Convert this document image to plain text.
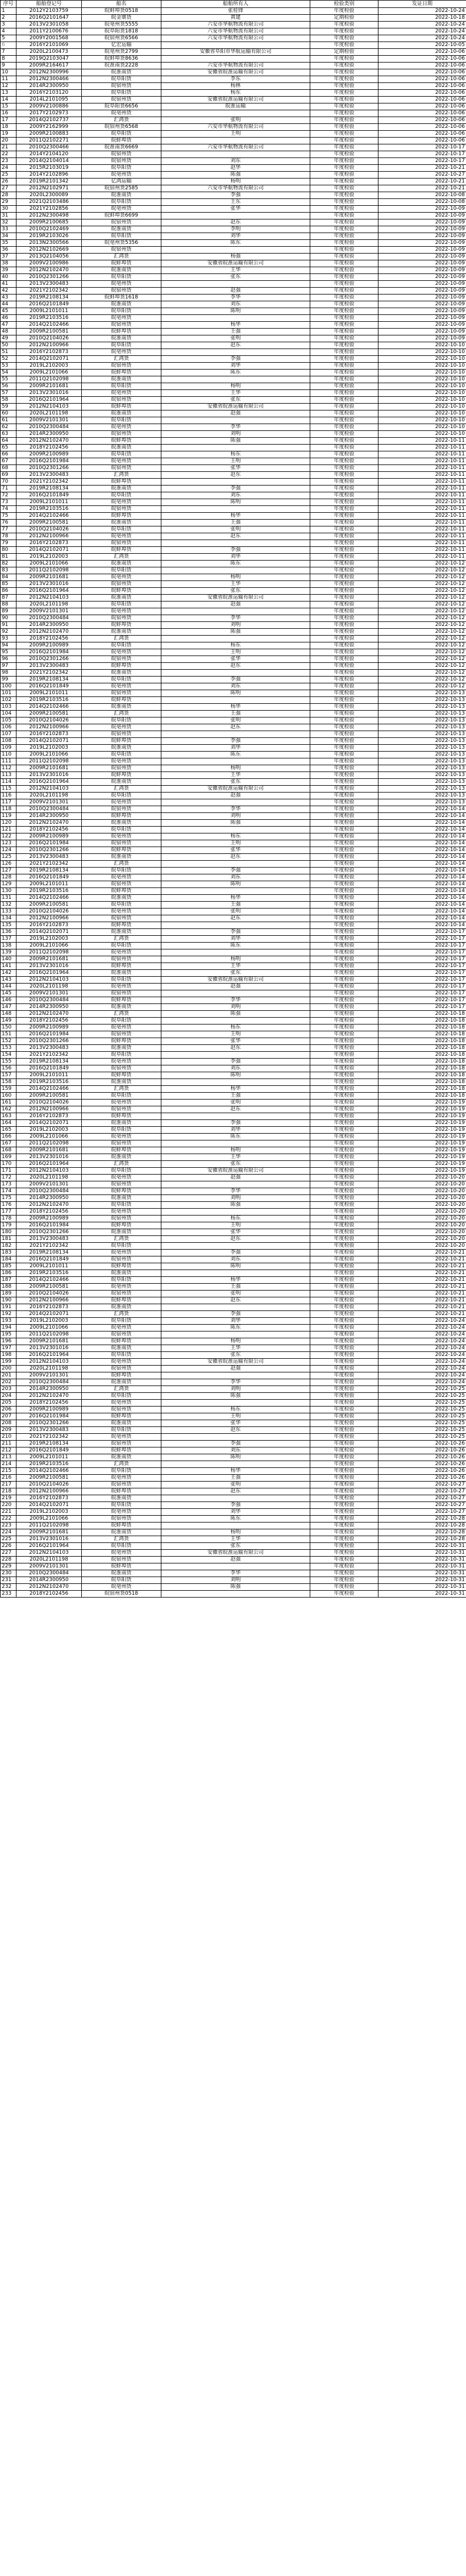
序号	船舶登记号	船名	船舶所有人	检验类别	发证日期
1	2012Y2103759	皖蚌埠货0518	张桂锋	年度检验	2022-10-24
2	2016Q2101647	皖金寨货	黄建	定期检验	2022-10-18
3	2013V2301058	皖亳州货5555	六安市华航物流有限公司	年度检验	2022-10-24
4	2011Y2100676	皖阜阳货1818	六安市华航物流有限公司	年度检验	2022-10-24
5	2009Y2001568	皖宿州货6566	六安市华航物流有限公司	年度检验	2022-10-24
6	2016Y2101069	亿宏运输		年度检验	2022-10-05
7	2020L2100473	皖亳州货2799	安徽省阜阳市华航运输有限公司	定期检验	2022-10-06
8	2019Q2103047	皖蚌埠货8636		年度检验	2022-10-06
9	2009R2164617	皖淮南货2228	六安市华航物流有限公司	年度检验	2022-10-06
10	2012N2300996	皖淮南货	安徽省皖淮运输有限公司	年度检验	2022-10-06
11	2012N2300466	皖阜阳货	李东	年度检验	2022-10-06
12	2014R2300950	皖宿州货	杨林	年度检验	2022-10-06
13	2016Y2103120	皖阜阳货	杨东	年度检验	2022-10-06
14	2014L2101095	皖宿州货	安徽省皖淮运输有限公司	年度检验	2022-10-06
15	2009V2100886	皖阜阳货6656	皖淮运输	年度检验	2022-10-06
16	2017Y2102973	皖亳州货		年度检验	2022-10-06
17	2014Q2102737	汇鸿货	张明	年度检验	2022-10-06
18	2009Y2162999	皖宿州货6568	六安市华航物流有限公司	年度检验	2022-10-06
19	2009R2100883	皖阜阳货	王明	年度检验	2022-10-06
20	2011Q2102271	皖蚌埠货		年度检验	2022-10-06
21	2010Q2300466	皖淮南货6669	六安市华航物流有限公司	年度检验	2022-10-17
22	2014Y2104120	皖宿州货		年度检验	2022-10-17
23	2014Q2104014	皖宿州货	刘东	年度检验	2022-10-17
24	2015R2103019	皖阜阳货	赵华	年度检验	2022-10-21
25	2014Y2102896	皖亳州货	陈强	年度检验	2022-10-27
26	2019R2101342	亿鸿运输	杨明	年度检验	2022-10-21
27	2012N2102971	皖宿州货2585	六安市华航物流有限公司	年度检验	2022-10-21
28	2020L2300089	皖淮南货	李强	年度检验	2022-10-08
29	2021Q2103486	皖阜阳货	王东	年度检验	2022-10-08
30	2021Y2102856	皖亳州货	张华	年度检验	2022-10-09
31	2012N2300498	皖蚌埠货6699		年度检验	2022-10-09
32	2009R2100685	皖宿州货	赵东	年度检验	2022-10-09
33	2010Q2102469	皖淮南货	李明	年度检验	2022-10-09
34	2019R2103026	皖阜阳货	刘华	年度检验	2022-10-09
35	2013N2300566	皖亳州货5356	陈东	年度检验	2022-10-09
36	2012N2102669	皖宿州货		年度检验	2022-10-09
37	2013Q2104056	汇鸿货	杨强	年度检验	2022-10-09
38	2009V2100986	皖蚌埠货	安徽省皖淮运输有限公司	年度检验	2022-10-09
39	2012N2102470	皖淮南货	王华	年度检验	2022-10-09
40	2010Q2301266	皖阜阳货	张东	年度检验	2022-10-09
41	2013V2300483	皖亳州货		年度检验	2022-10-09
42	2021Y2102342	皖宿州货	赵强	年度检验	2022-10-09
43	2019R2108134	皖蚌埠货1618	李华	年度检验	2022-10-09
44	2016Q2101849	皖淮南货	刘东	年度检验	2022-10-09
45	2009L2101011	皖阜阳货	陈明	年度检验	2022-10-09
46	2019R2103516	皖亳州货		年度检验	2022-10-09
47	2014Q2102466	皖宿州货	杨华	年度检验	2022-10-09
48	2009R2100581	皖蚌埠货	王强	年度检验	2022-10-09
49	2010Q2104026	皖淮南货	张明	年度检验	2022-10-09
50	2012N2100966	皖阜阳货	赵东	年度检验	2022-10-10
51	2016Y2102873	皖亳州货		年度检验	2022-10-10
52	2014Q2102071	汇鸿货	李强	年度检验	2022-10-10
53	2019L2102003	皖宿州货	刘华	年度检验	2022-10-10
54	2009L2101066	皖蚌埠货	陈东	年度检验	2022-10-10
55	2011Q2102098	皖淮南货		年度检验	2022-10-10
56	2009R2101681	皖阜阳货	杨明	年度检验	2022-10-10
57	2013V2301016	皖亳州货	王华	年度检验	2022-10-10
58	2016Q2101964	皖宿州货	张东	年度检验	2022-10-10
59	2012N2104103	皖蚌埠货	安徽省皖淮运输有限公司	年度检验	2022-10-10
60	2020L2101198	皖淮南货	赵强	年度检验	2022-10-10
61	2009V2101301	皖阜阳货		年度检验	2022-10-10
62	2010Q2300484	皖亳州货	李华	年度检验	2022-10-10
63	2014R2300950	皖宿州货	刘明	年度检验	2022-10-10
64	2012N2102470	皖蚌埠货	陈强	年度检验	2022-10-11
65	2018Y2102456	皖淮南货		年度检验	2022-10-11
66	2009R2100989	皖阜阳货	杨东	年度检验	2022-10-11
67	2016Q2101984	皖亳州货	王明	年度检验	2022-10-11
68	2010Q2301266	皖宿州货	张华	年度检验	2022-10-11
69	2013V2300483	汇鸿货	赵东	年度检验	2022-10-11
70	2021Y2102342	皖蚌埠货		年度检验	2022-10-11
71	2019R2108134	皖淮南货	李强	年度检验	2022-10-11
72	2016Q2101849	皖阜阳货	刘东	年度检验	2022-10-11
73	2009L2101011	皖亳州货	陈明	年度检验	2022-10-11
74	2019R2103516	皖宿州货		年度检验	2022-10-11
75	2014Q2102466	皖蚌埠货	杨华	年度检验	2022-10-11
76	2009R2100581	皖淮南货	王强	年度检验	2022-10-11
77	2010Q2104026	皖阜阳货	张明	年度检验	2022-10-11
78	2012N2100966	皖亳州货	赵东	年度检验	2022-10-11
79	2016Y2102873	皖宿州货		年度检验	2022-10-11
80	2014Q2102071	皖蚌埠货	李强	年度检验	2022-10-11
81	2019L2102003	汇鸿货	刘华	年度检验	2022-10-11
82	2009L2101066	皖淮南货	陈东	年度检验	2022-10-12
83	2011Q2102098	皖阜阳货		年度检验	2022-10-12
84	2009R2101681	皖亳州货	杨明	年度检验	2022-10-12
85	2013V2301016	皖宿州货	王华	年度检验	2022-10-12
86	2016Q2101964	皖蚌埠货	张东	年度检验	2022-10-12
87	2012N2104103	皖淮南货	安徽省皖淮运输有限公司	年度检验	2022-10-12
88	2020L2101198	皖阜阳货	赵强	年度检验	2022-10-12
89	2009V2101301	皖亳州货		年度检验	2022-10-12
90	2010Q2300484	皖宿州货	李华	年度检验	2022-10-12
91	2014R2300950	皖蚌埠货	刘明	年度检验	2022-10-12
92	2012N2102470	皖淮南货	陈强	年度检验	2022-10-12
93	2018Y2102456	汇鸿货		年度检验	2022-10-12
94	2009R2100989	皖阜阳货	杨东	年度检验	2022-10-12
95	2016Q2101984	皖亳州货	王明	年度检验	2022-10-12
96	2010Q2301266	皖宿州货	张华	年度检验	2022-10-12
97	2013V2300483	皖蚌埠货	赵东	年度检验	2022-10-12
98	2021Y2102342	皖淮南货		年度检验	2022-10-12
99	2019R2108134	皖阜阳货	李强	年度检验	2022-10-12
100	2016Q2101849	皖亳州货	刘东	年度检验	2022-10-12
101	2009L2101011	皖宿州货	陈明	年度检验	2022-10-13
102	2019R2103516	皖蚌埠货		年度检验	2022-10-13
103	2014Q2102466	皖淮南货	杨华	年度检验	2022-10-13
104	2009R2100581	汇鸿货	王强	年度检验	2022-10-13
105	2010Q2104026	皖阜阳货	张明	年度检验	2022-10-13
106	2012N2100966	皖亳州货	赵东	年度检验	2022-10-13
107	2016Y2102873	皖宿州货		年度检验	2022-10-13
108	2014Q2102071	皖蚌埠货	李强	年度检验	2022-10-13
109	2019L2102003	皖淮南货	刘华	年度检验	2022-10-13
110	2009L2101066	皖阜阳货	陈东	年度检验	2022-10-13
111	2011Q2102098	皖亳州货		年度检验	2022-10-13
112	2009R2101681	皖宿州货	杨明	年度检验	2022-10-13
113	2013V2301016	皖蚌埠货	王华	年度检验	2022-10-13
114	2016Q2101964	皖淮南货	张东	年度检验	2022-10-13
115	2012N2104103	汇鸿货	安徽省皖淮运输有限公司	年度检验	2022-10-13
116	2020L2101198	皖阜阳货	赵强	年度检验	2022-10-13
117	2009V2101301	皖亳州货		年度检验	2022-10-13
118	2010Q2300484	皖宿州货	李华	年度检验	2022-10-14
119	2014R2300950	皖蚌埠货	刘明	年度检验	2022-10-14
120	2012N2102470	皖淮南货	陈强	年度检验	2022-10-14
121	2018Y2102456	皖阜阳货		年度检验	2022-10-14
122	2009R2100989	皖亳州货	杨东	年度检验	2022-10-14
123	2016Q2101984	皖宿州货	王明	年度检验	2022-10-14
124	2010Q2301266	皖蚌埠货	张华	年度检验	2022-10-14
125	2013V2300483	皖淮南货	赵东	年度检验	2022-10-14
126	2021Y2102342	汇鸿货		年度检验	2022-10-14
127	2019R2108134	皖阜阳货	李强	年度检验	2022-10-14
128	2016Q2101849	皖亳州货	刘东	年度检验	2022-10-14
129	2009L2101011	皖宿州货	陈明	年度检验	2022-10-14
130	2019R2103516	皖蚌埠货		年度检验	2022-10-14
131	2014Q2102466	皖淮南货	杨华	年度检验	2022-10-14
132	2009R2100581	皖阜阳货	王强	年度检验	2022-10-14
133	2010Q2104026	皖亳州货	张明	年度检验	2022-10-14
134	2012N2100966	皖宿州货	赵东	年度检验	2022-10-14
135	2016Y2102873	皖蚌埠货		年度检验	2022-10-14
136	2014Q2102071	皖淮南货	李强	年度检验	2022-10-17
137	2019L2102003	汇鸿货	刘华	年度检验	2022-10-17
138	2009L2101066	皖阜阳货	陈东	年度检验	2022-10-17
139	2011Q2102098	皖亳州货		年度检验	2022-10-17
140	2009R2101681	皖宿州货	杨明	年度检验	2022-10-17
141	2013V2301016	皖蚌埠货	王华	年度检验	2022-10-17
142	2016Q2101964	皖淮南货	张东	年度检验	2022-10-17
143	2012N2104103	皖阜阳货	安徽省皖淮运输有限公司	年度检验	2022-10-17
144	2020L2101198	皖亳州货	赵强	年度检验	2022-10-17
145	2009V2101301	皖宿州货		年度检验	2022-10-17
146	2010Q2300484	皖蚌埠货	李华	年度检验	2022-10-17
147	2014R2300950	皖淮南货	刘明	年度检验	2022-10-17
148	2012N2102470	汇鸿货	陈强	年度检验	2022-10-18
149	2018Y2102456	皖阜阳货		年度检验	2022-10-18
150	2009R2100989	皖亳州货	杨东	年度检验	2022-10-18
151	2016Q2101984	皖宿州货	王明	年度检验	2022-10-18
152	2010Q2301266	皖蚌埠货	张华	年度检验	2022-10-18
153	2013V2300483	皖淮南货	赵东	年度检验	2022-10-18
154	2021Y2102342	皖阜阳货		年度检验	2022-10-18
155	2019R2108134	皖亳州货	李强	年度检验	2022-10-18
156	2016Q2101849	皖宿州货	刘东	年度检验	2022-10-18
157	2009L2101011	皖蚌埠货	陈明	年度检验	2022-10-18
158	2019R2103516	皖淮南货		年度检验	2022-10-18
159	2014Q2102466	汇鸿货	杨华	年度检验	2022-10-18
160	2009R2100581	皖阜阳货	王强	年度检验	2022-10-18
161	2010Q2104026	皖亳州货	张明	年度检验	2022-10-19
162	2012N2100966	皖宿州货	赵东	年度检验	2022-10-19
163	2016Y2102873	皖蚌埠货		年度检验	2022-10-19
164	2014Q2102071	皖淮南货	李强	年度检验	2022-10-19
165	2019L2102003	皖阜阳货	刘华	年度检验	2022-10-19
166	2009L2101066	皖亳州货	陈东	年度检验	2022-10-19
167	2011Q2102098	皖宿州货		年度检验	2022-10-19
168	2009R2101681	皖蚌埠货	杨明	年度检验	2022-10-19
169	2013V2301016	皖淮南货	王华	年度检验	2022-10-19
170	2016Q2101964	汇鸿货	张东	年度检验	2022-10-19
171	2012N2104103	皖阜阳货	安徽省皖淮运输有限公司	年度检验	2022-10-19
172	2020L2101198	皖亳州货	赵强	年度检验	2022-10-20
173	2009V2101301	皖宿州货		年度检验	2022-10-20
174	2010Q2300484	皖蚌埠货	李华	年度检验	2022-10-20
175	2014R2300950	皖淮南货	刘明	年度检验	2022-10-20
176	2012N2102470	皖阜阳货	陈强	年度检验	2022-10-20
177	2018Y2102456	皖亳州货		年度检验	2022-10-20
178	2009R2100989	皖宿州货	杨东	年度检验	2022-10-20
179	2016Q2101984	皖蚌埠货	王明	年度检验	2022-10-20
180	2010Q2301266	皖淮南货	张华	年度检验	2022-10-20
181	2013V2300483	汇鸿货	赵东	年度检验	2022-10-20
182	2021Y2102342	皖阜阳货		年度检验	2022-10-20
183	2019R2108134	皖亳州货	李强	年度检验	2022-10-21
184	2016Q2101849	皖宿州货	刘东	年度检验	2022-10-21
185	2009L2101011	皖蚌埠货	陈明	年度检验	2022-10-21
186	2019R2103516	皖淮南货		年度检验	2022-10-21
187	2014Q2102466	皖阜阳货	杨华	年度检验	2022-10-21
188	2009R2100581	皖亳州货	王强	年度检验	2022-10-21
189	2010Q2104026	皖宿州货	张明	年度检验	2022-10-21
190	2012N2100966	皖蚌埠货	赵东	年度检验	2022-10-21
191	2016Y2102873	皖淮南货		年度检验	2022-10-21
192	2014Q2102071	汇鸿货	李强	年度检验	2022-10-21
193	2019L2102003	皖阜阳货	刘华	年度检验	2022-10-24
194	2009L2101066	皖亳州货	陈东	年度检验	2022-10-24
195	2011Q2102098	皖宿州货		年度检验	2022-10-24
196	2009R2101681	皖蚌埠货	杨明	年度检验	2022-10-24
197	2013V2301016	皖淮南货	王华	年度检验	2022-10-24
198	2016Q2101964	皖阜阳货	张东	年度检验	2022-10-24
199	2012N2104103	皖亳州货	安徽省皖淮运输有限公司	年度检验	2022-10-24
200	2020L2101198	皖宿州货	赵强	年度检验	2022-10-24
201	2009V2101301	皖蚌埠货		年度检验	2022-10-24
202	2010Q2300484	皖淮南货	李华	年度检验	2022-10-24
203	2014R2300950	汇鸿货	刘明	年度检验	2022-10-25
204	2012N2102470	皖阜阳货	陈强	年度检验	2022-10-25
205	2018Y2102456	皖亳州货		年度检验	2022-10-25
206	2009R2100989	皖宿州货	杨东	年度检验	2022-10-25
207	2016Q2101984	皖蚌埠货	王明	年度检验	2022-10-25
208	2010Q2301266	皖淮南货	张华	年度检验	2022-10-25
209	2013V2300483	皖阜阳货	赵东	年度检验	2022-10-25
210	2021Y2102342	皖亳州货		年度检验	2022-10-25
211	2019R2108134	皖宿州货	李强	年度检验	2022-10-26
212	2016Q2101849	皖蚌埠货	刘东	年度检验	2022-10-26
213	2009L2101011	皖淮南货	陈明	年度检验	2022-10-26
214	2019R2103516	汇鸿货		年度检验	2022-10-26
215	2014Q2102466	皖阜阳货	杨华	年度检验	2022-10-26
216	2009R2100581	皖亳州货	王强	年度检验	2022-10-26
217	2010Q2104026	皖宿州货	张明	年度检验	2022-10-27
218	2012N2100966	皖蚌埠货	赵东	年度检验	2022-10-27
219	2016Y2102873	皖淮南货		年度检验	2022-10-27
220	2014Q2102071	皖阜阳货	李强	年度检验	2022-10-27
221	2019L2102003	皖亳州货	刘华	年度检验	2022-10-27
222	2009L2101066	皖宿州货	陈东	年度检验	2022-10-28
223	2011Q2102098	皖蚌埠货		年度检验	2022-10-28
224	2009R2101681	皖淮南货	杨明	年度检验	2022-10-28
225	2013V2301016	汇鸿货	王华	年度检验	2022-10-28
226	2016Q2101964	皖阜阳货	张东	年度检验	2022-10-31
227	2012N2104103	皖亳州货	安徽省皖淮运输有限公司	年度检验	2022-10-31
228	2020L2101198	皖宿州货	赵强	年度检验	2022-10-31
229	2009V2101301	皖蚌埠货		年度检验	2022-10-31
230	2010Q2300484	皖淮南货	李华	年度检验	2022-10-31
231	2014R2300950	皖阜阳货	刘明	年度检验	2022-10-31
232	2012N2102470	皖亳州货	陈强	年度检验	2022-10-31
233	2018Y2102456	皖宿州货0518		年度检验	2022-10-31
